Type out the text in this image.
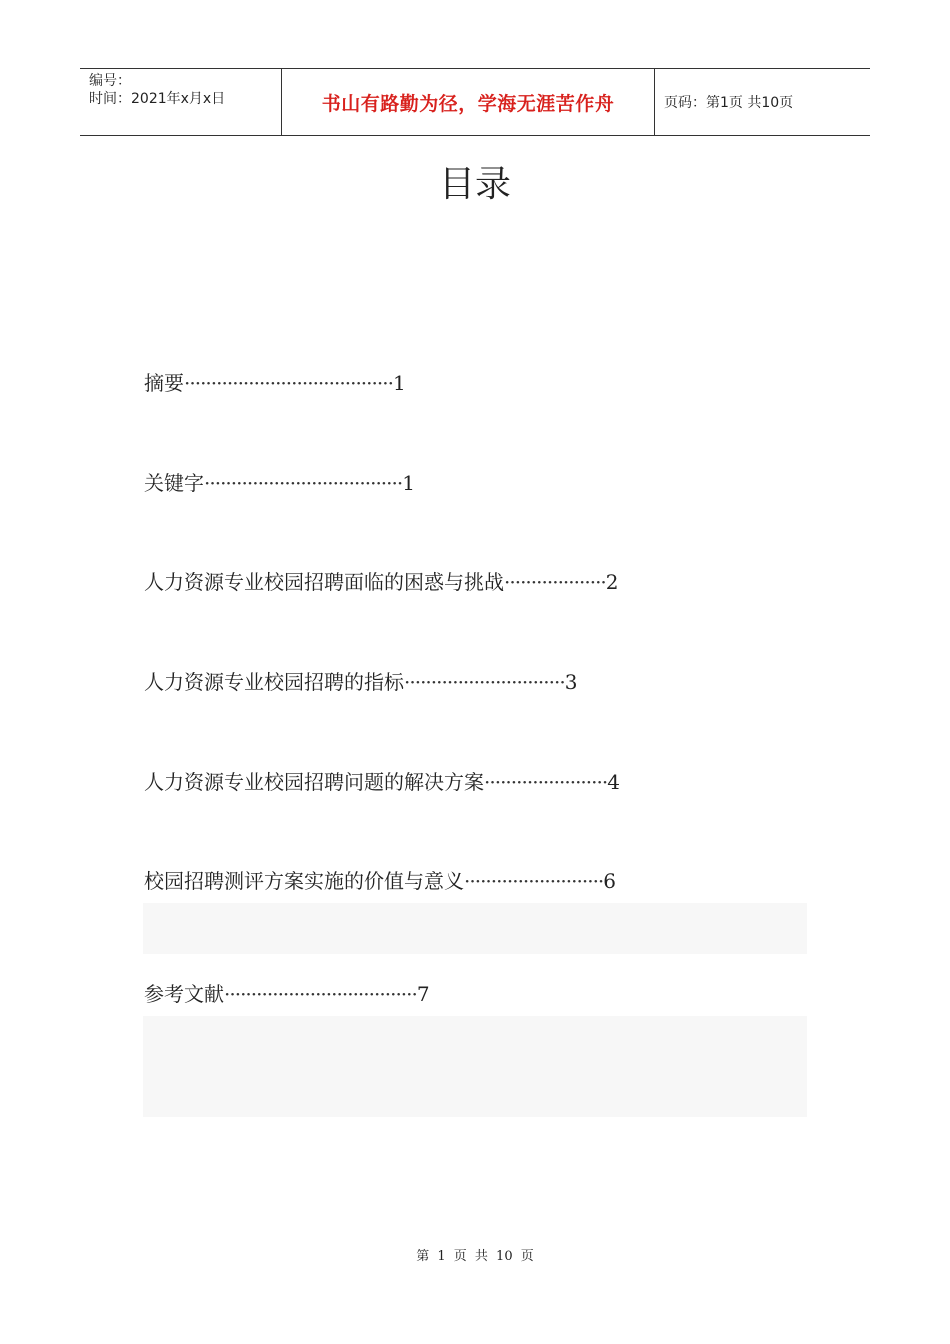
编号：
时间：2021年x月x日	书山有路勤为径，学海无涯苦作舟	页码：第1页 共10页
目录
摘要·······································1
关键字·····································1
人力资源专业校园招聘面临的困惑与挑战···················2
人力资源专业校园招聘的指标······························3
人力资源专业校园招聘问题的解决方案·······················4
校园招聘测评方案实施的价值与意义··························6
参考文献····································7
第 1 页 共 10 页
